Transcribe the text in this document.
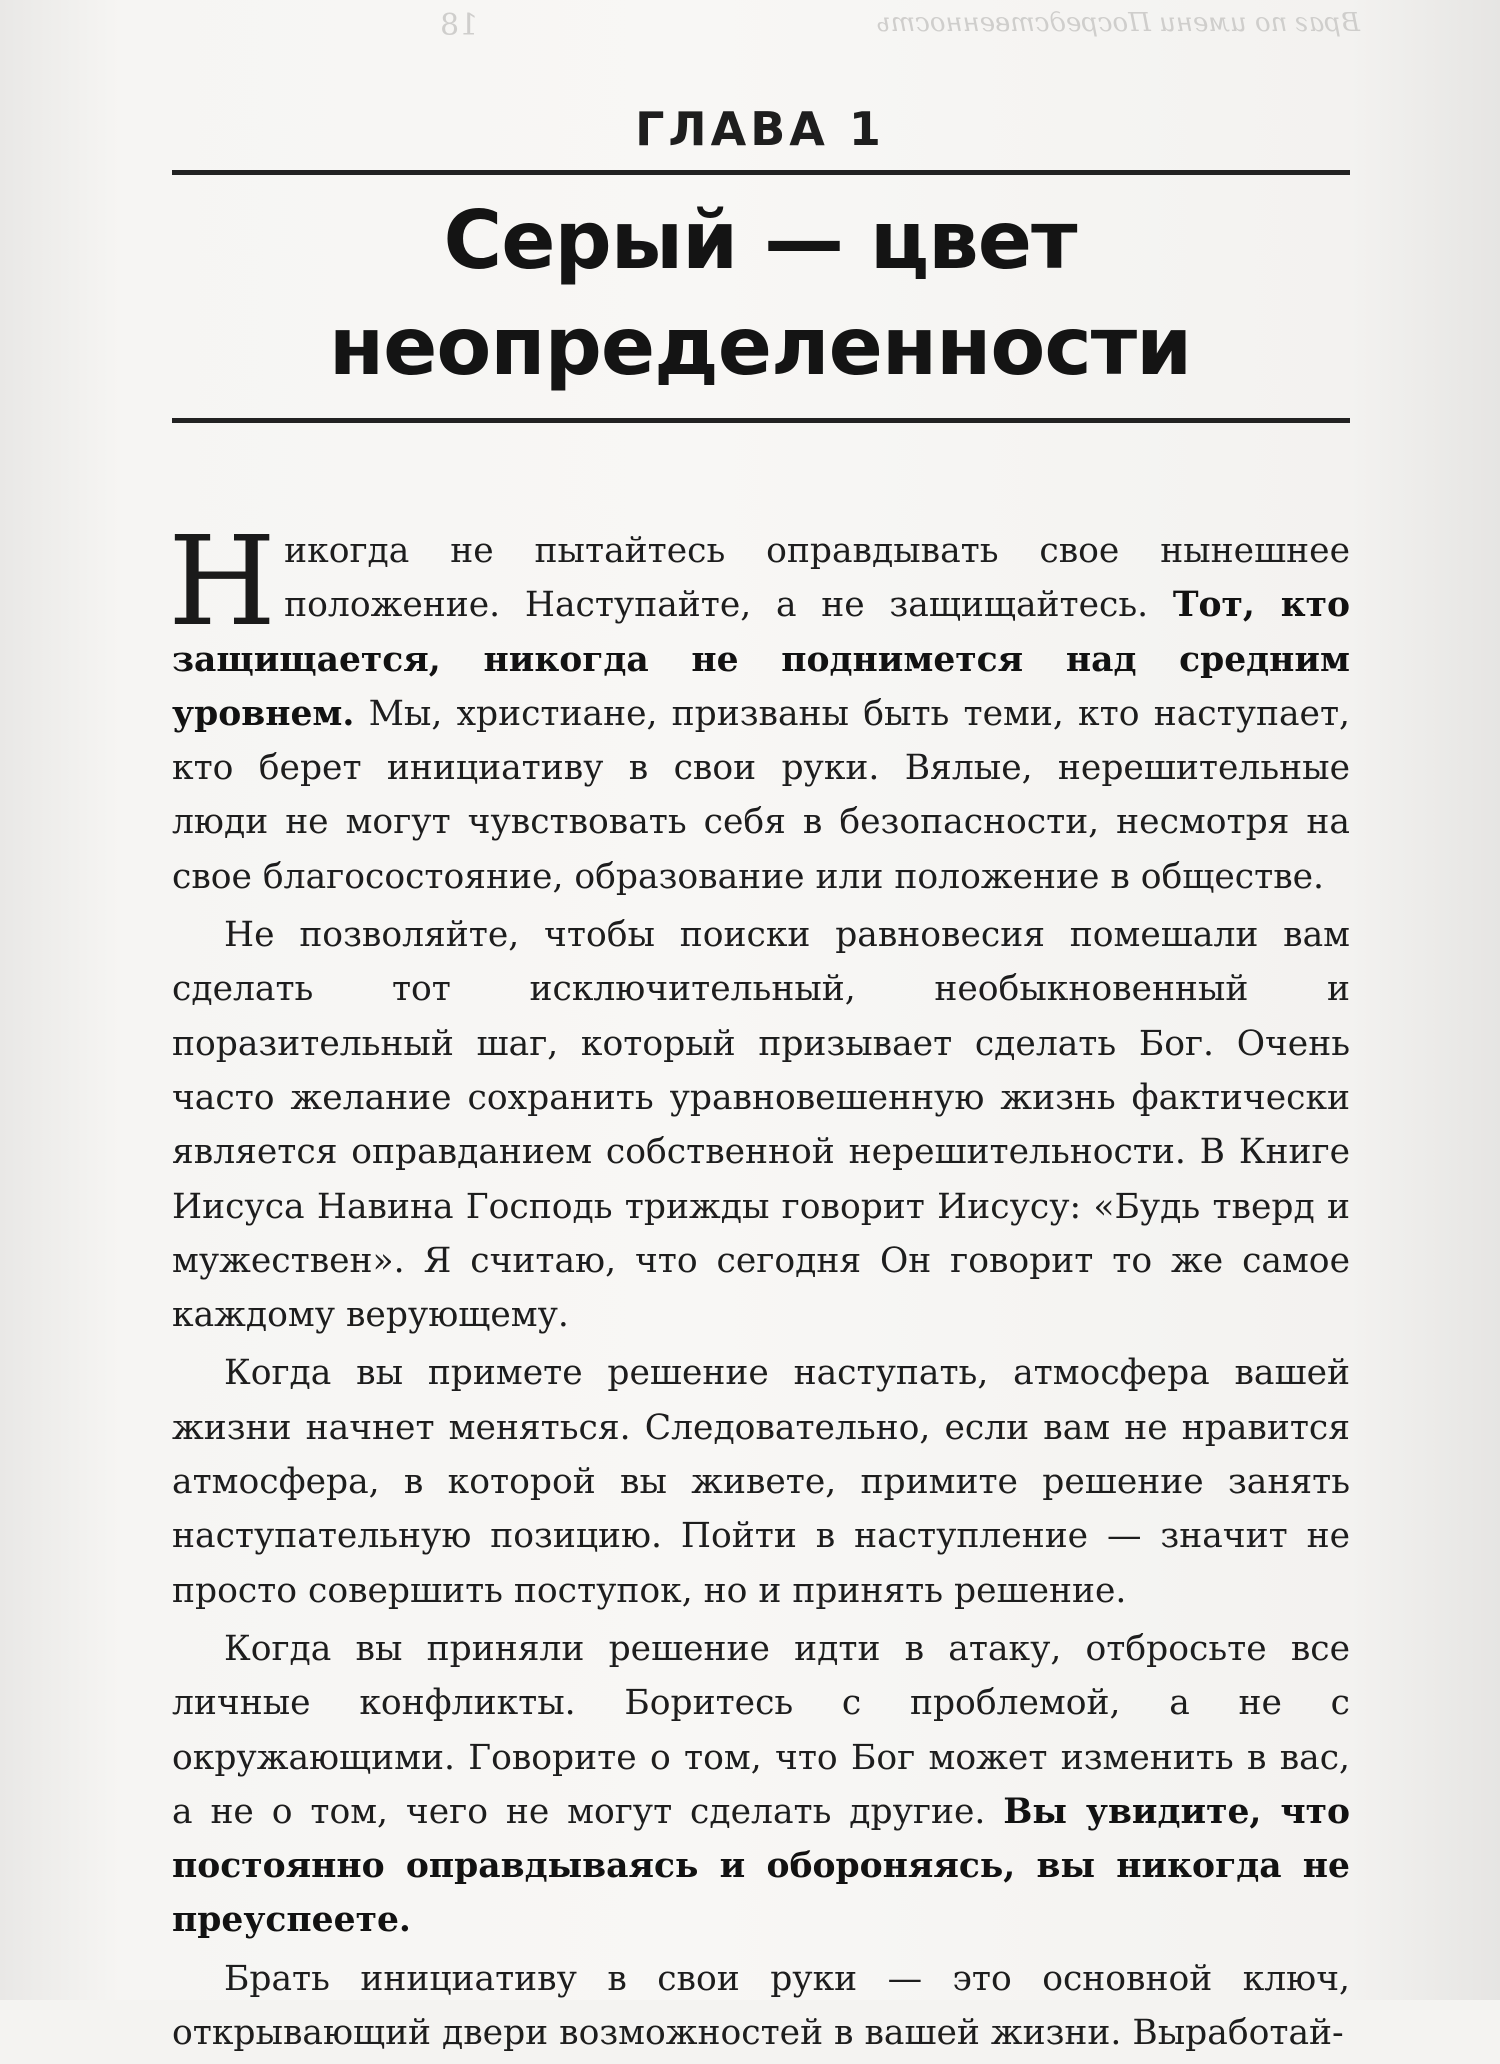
Враг по имени Посредственность
18
ГЛАВА 1
Серый — цвет
неопределенности

Никогда не пытайтесь оправдывать свое нынешнее положение. Наступайте, а не защищайтесь. Тот, кто защищается, никогда не поднимется над средним уровнем. Мы, христиане, призваны быть теми, кто наступает, кто берет инициативу в свои руки. Вялые, нерешительные люди не могут чувствовать себя в безопасности, несмотря на свое благосостояние, образование или положение в обществе.

Не позволяйте, чтобы поиски равновесия помешали вам сделать тот исключительный, необыкновенный и поразительный шаг, который призывает сделать Бог. Очень часто желание сохранить уравновешенную жизнь фактически является оправданием собственной нерешительности. В Книге Иисуса Навина Господь трижды говорит Иисусу: «Будь тверд и мужествен». Я считаю, что сегодня Он говорит то же самое каждому верующему.

Когда вы примете решение наступать, атмосфера вашей жизни начнет меняться. Следовательно, если вам не нравится атмосфера, в которой вы живете, примите решение занять наступательную позицию. Пойти в наступление — значит не просто совершить поступок, но и принять решение.

Когда вы приняли решение идти в атаку, отбросьте все личные конфликты. Боритесь с проблемой, а не с окружающими. Говорите о том, что Бог может изменить в вас, а не о том, чего не могут сделать другие. Вы увидите, что постоянно оправдываясь и обороняясь, вы никогда не преуспеете.

Брать инициативу в свои руки — это основной ключ, открывающий двери возможностей в вашей жизни. Выработай-
